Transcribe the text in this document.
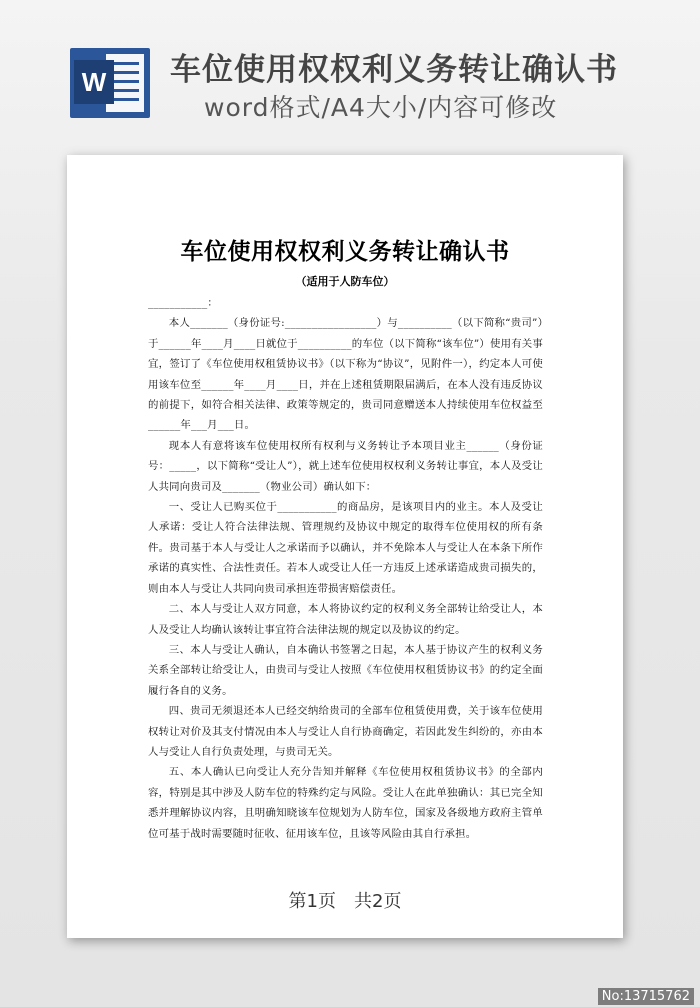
W 车位使用权权利义务转让确认书
word格式/A4大小/内容可修改
车位使用权权利义务转让确认书
（适用于人防车位）

___________：

本人_______（身份证号:_________________）与__________（以下简称“贵司”）于______年____月____日就位于__________的车位（以下简称“该车位”）使用有关事宜，签订了《车位使用权租赁协议书》（以下称为“协议”，见附件一），约定本人可使用该车位至______年____月____日，并在上述租赁期限届满后，在本人没有违反协议的前提下，如符合相关法律、政策等规定的，贵司同意赠送本人持续使用车位权益至______年___月___日。

现本人有意将该车位使用权所有权利与义务转让予本项目业主______（身份证号：_____，以下简称“受让人”），就上述车位使用权权利义务转让事宜，本人及受让人共同向贵司及_______（物业公司）确认如下：

一、受让人已购买位于___________的商品房，是该项目内的业主。本人及受让人承诺：受让人符合法律法规、管理规约及协议中规定的取得车位使用权的所有条件。贵司基于本人与受让人之承诺而予以确认，并不免除本人与受让人在本条下所作承诺的真实性、合法性责任。若本人或受让人任一方违反上述承诺造成贵司损失的，则由本人与受让人共同向贵司承担连带损害赔偿责任。

二、本人与受让人双方同意，本人将协议约定的权利义务全部转让给受让人，本人及受让人均确认该转让事宜符合法律法规的规定以及协议的约定。

三、本人与受让人确认，自本确认书签署之日起，本人基于协议产生的权利义务关系全部转让给受让人，由贵司与受让人按照《车位使用权租赁协议书》的约定全面履行各自的义务。

四、贵司无须退还本人已经交纳给贵司的全部车位租赁使用费，关于该车位使用权转让对价及其支付情况由本人与受让人自行协商确定，若因此发生纠纷的，亦由本人与受让人自行负责处理，与贵司无关。

五、本人确认已向受让人充分告知并解释《车位使用权租赁协议书》的全部内容，特别是其中涉及人防车位的特殊约定与风险。受让人在此单独确认：其已完全知悉并理解协议内容，且明确知晓该车位规划为人防车位，国家及各级地方政府主管单位可基于战时需要随时征收、征用该车位，且该等风险由其自行承担。

第1页　共2页
No:13715762
